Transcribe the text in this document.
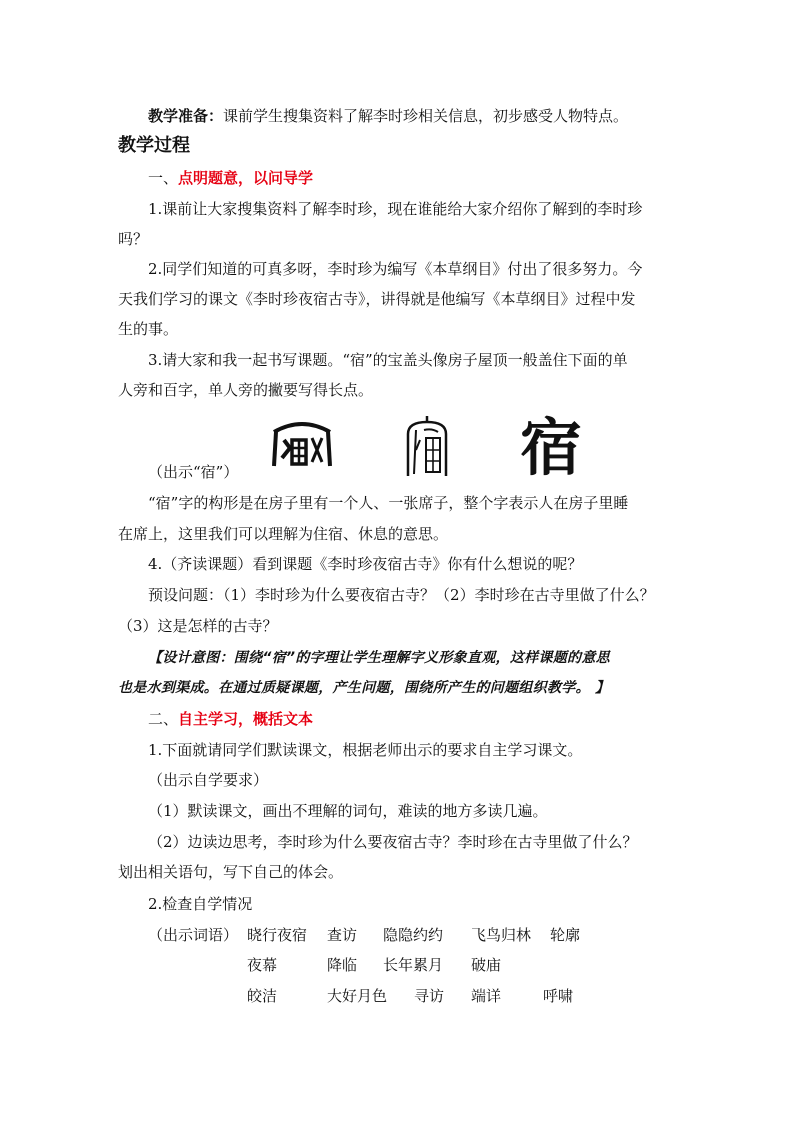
教学准备：课前学生搜集资料了解李时珍相关信息，初步感受人物特点。
教学过程
一、点明题意，以问导学
1.课前让大家搜集资料了解李时珍，现在谁能给大家介绍你了解到的李时珍
吗？
2.同学们知道的可真多呀，李时珍为编写《本草纲目》付出了很多努力。今
天我们学习的课文《李时珍夜宿古寺》，讲得就是他编写《本草纲目》过程中发
生的事。
3.请大家和我一起书写课题。“宿”的宝盖头像房子屋顶一般盖住下面的单
人旁和百字，单人旁的撇要写得长点。
宿
（出示“宿”）
“宿”字的构形是在房子里有一个人、一张席子，整个字表示人在房子里睡
在席上，这里我们可以理解为住宿、休息的意思。
4.（齐读课题）看到课题《李时珍夜宿古寺》你有什么想说的呢？
预设问题：（1）李时珍为什么要夜宿古寺？（2）李时珍在古寺里做了什么？
（3）这是怎样的古寺？
【设计意图：围绕“宿”的字理让学生理解字义形象直观，这样课题的意思
也是水到渠成。在通过质疑课题，产生问题，围绕所产生的问题组织教学。 】
二、自主学习，概括文本
1.下面就请同学们默读课文，根据老师出示的要求自主学习课文。
（出示自学要求）
（1）默读课文，画出不理解的词句，难读的地方多读几遍。
（2）边读边思考，李时珍为什么要夜宿古寺？李时珍在古寺里做了什么？
划出相关语句，写下自己的体会。
2.检查自学情况
（出示词语） 晓行夜宿 查访 隐隐约约 飞鸟归林 轮廓
夜幕	降临 长年累月 破庙
皎洁	大好月色 寻访 端详	呼啸
